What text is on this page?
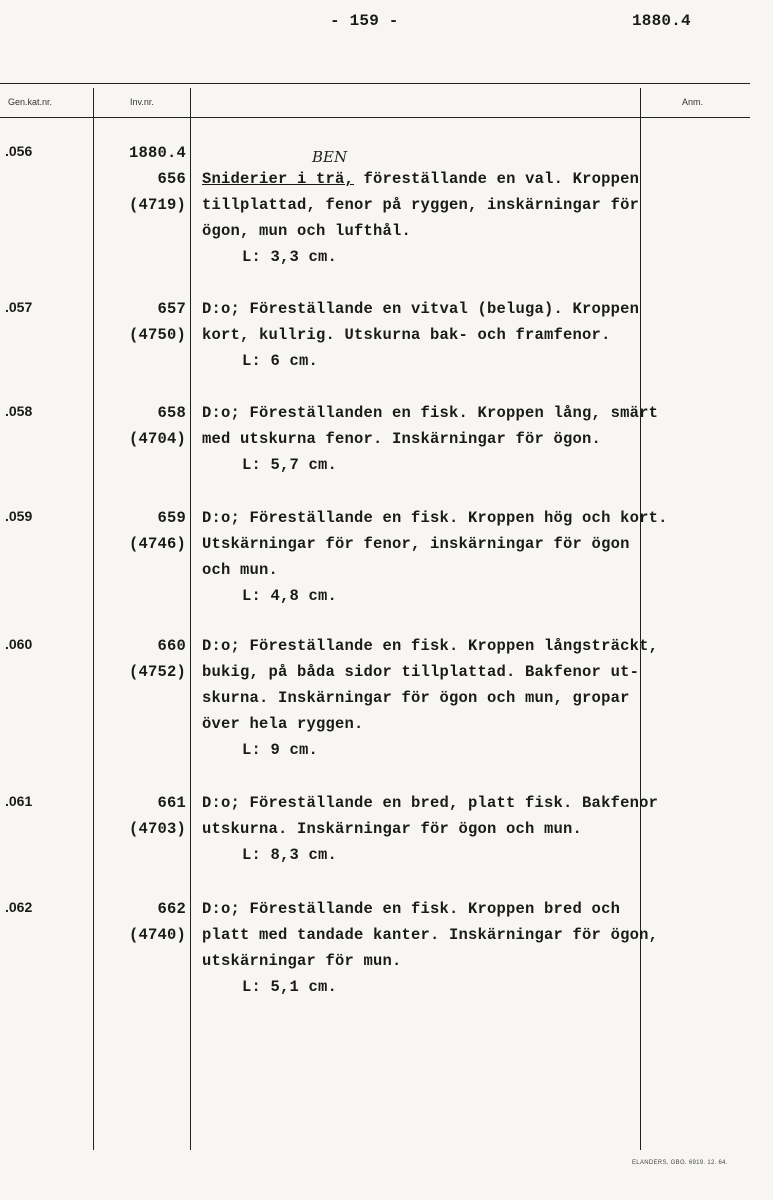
- 159 -	1880.4
Gen.kat.nr.	Inv.nr.	Anm.
BEN
.056	1880.4
656
(4719)
Sniderier i trä, föreställande en val. Kroppen
tillplattad, fenor på ryggen, inskärningar för
ögon, mun och lufthål.
L: 3,3 cm.
.057	657
(4750)
D:o; Föreställande en vitval (beluga). Kroppen
kort, kullrig. Utskurna bak- och framfenor.
L: 6 cm.
.058	658
(4704)
D:o; Föreställanden en fisk. Kroppen lång, smärt
med utskurna fenor. Inskärningar för ögon.
L: 5,7 cm.
.059	659
(4746)
D:o; Föreställande en fisk. Kroppen hög och kort.
Utskärningar för fenor, inskärningar för ögon
och mun.
L: 4,8 cm.
.060	660
(4752)
D:o; Föreställande en fisk. Kroppen långsträckt,
bukig, på båda sidor tillplattad. Bakfenor ut-
skurna. Inskärningar för ögon och mun, gropar
över hela ryggen.
L: 9 cm.
.061	661
(4703)
D:o; Föreställande en bred, platt fisk. Bakfenor
utskurna. Inskärningar för ögon och mun.
L: 8,3 cm.
.062	662
(4740)
D:o; Föreställande en fisk. Kroppen bred och
platt med tandade kanter. Inskärningar för ögon,
utskärningar för mun.
L: 5,1 cm.
ELANDERS, GBG. 6919. 12. 64.
